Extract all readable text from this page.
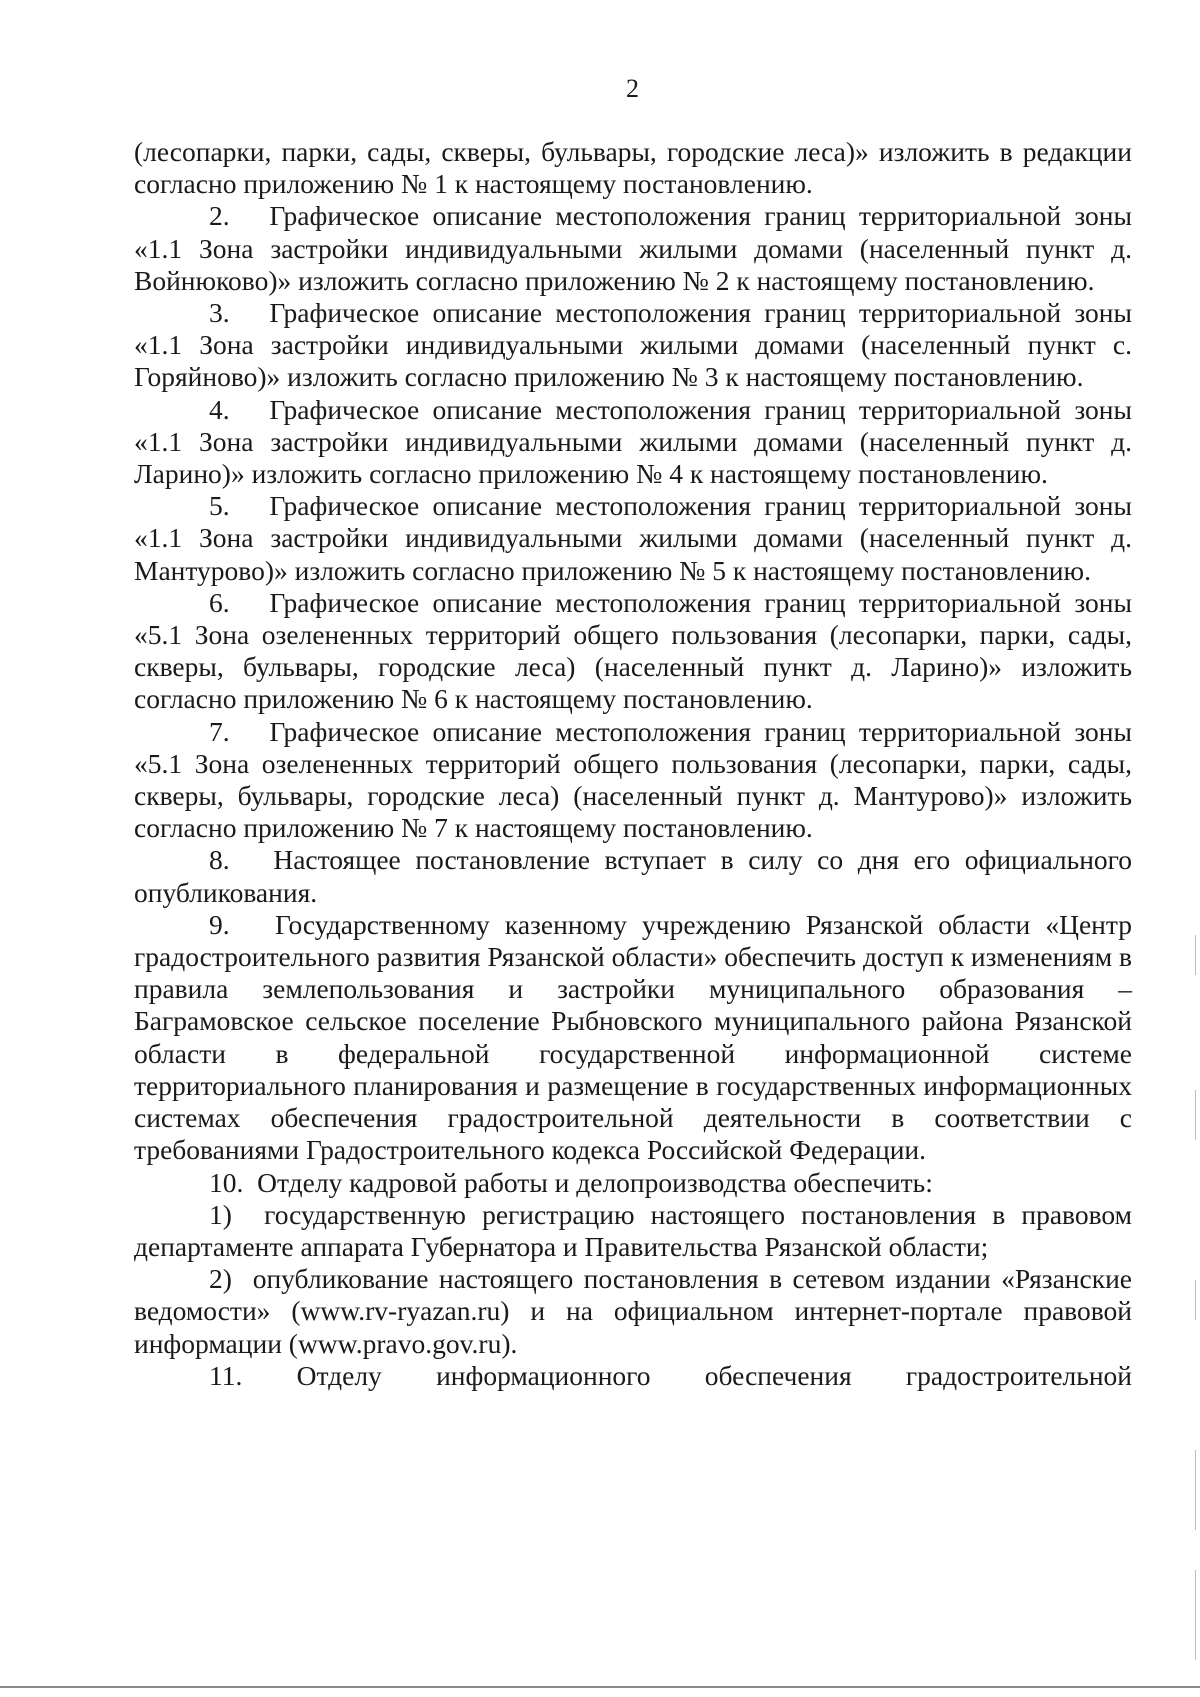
2

(лесопарки, парки, сады, скверы, бульвары, городские леса)» изложить в редакции согласно приложению № 1 к настоящему постановлению.

2.   Графическое описание местоположения границ территориальной зоны «1.1 Зона застройки индивидуальными жилыми домами (населенный пункт д. Войнюково)» изложить согласно приложению № 2 к настоящему постановлению.

3.   Графическое описание местоположения границ территориальной зоны «1.1 Зона застройки индивидуальными жилыми домами (населенный пункт с. Горяйново)» изложить согласно приложению № 3 к настоящему постановлению.

4.   Графическое описание местоположения границ территориальной зоны «1.1 Зона застройки индивидуальными жилыми домами (населенный пункт д. Ларино)» изложить согласно приложению № 4 к настоящему постановлению.

5.   Графическое описание местоположения границ территориальной зоны «1.1 Зона застройки индивидуальными жилыми домами (населенный пункт д. Мантурово)» изложить согласно приложению № 5 к настоящему постановлению.

6.   Графическое описание местоположения границ территориальной зоны «5.1 Зона озелененных территорий общего пользования (лесопарки, парки, сады, скверы, бульвары, городские леса) (населенный пункт д. Ларино)» изложить согласно приложению № 6 к настоящему постановлению.

7.   Графическое описание местоположения границ территориальной зоны «5.1 Зона озелененных территорий общего пользования (лесопарки, парки, сады, скверы, бульвары, городские леса) (населенный пункт д. Мантурово)» изложить согласно приложению № 7 к настоящему постановлению.

8.   Настоящее постановление вступает в силу со дня его официального опубликования.

9.   Государственному казенному учреждению Рязанской области «Центр градостроительного развития Рязанской области» обеспечить доступ к изменениям в правила землепользования и застройки муниципального образования – Баграмовское сельское поселение Рыбновского муниципального района Рязанской области в федеральной государственной информационной системе территориального планирования и размещение в государственных информационных системах обеспечения градостроительной деятельности в соответствии с требованиями Градостроительного кодекса Российской Федерации.

10.  Отделу кадровой работы и делопроизводства обеспечить:

1)  государственную регистрацию настоящего постановления в правовом департаменте аппарата Губернатора и Правительства Рязанской области;

2)  опубликование настоящего постановления в сетевом издании «Рязанские ведомости» (www.rv-ryazan.ru) и на официальном интернет-портале правовой информации (www.pravo.gov.ru).

11. Отделу информационного обеспечения градостроительной
